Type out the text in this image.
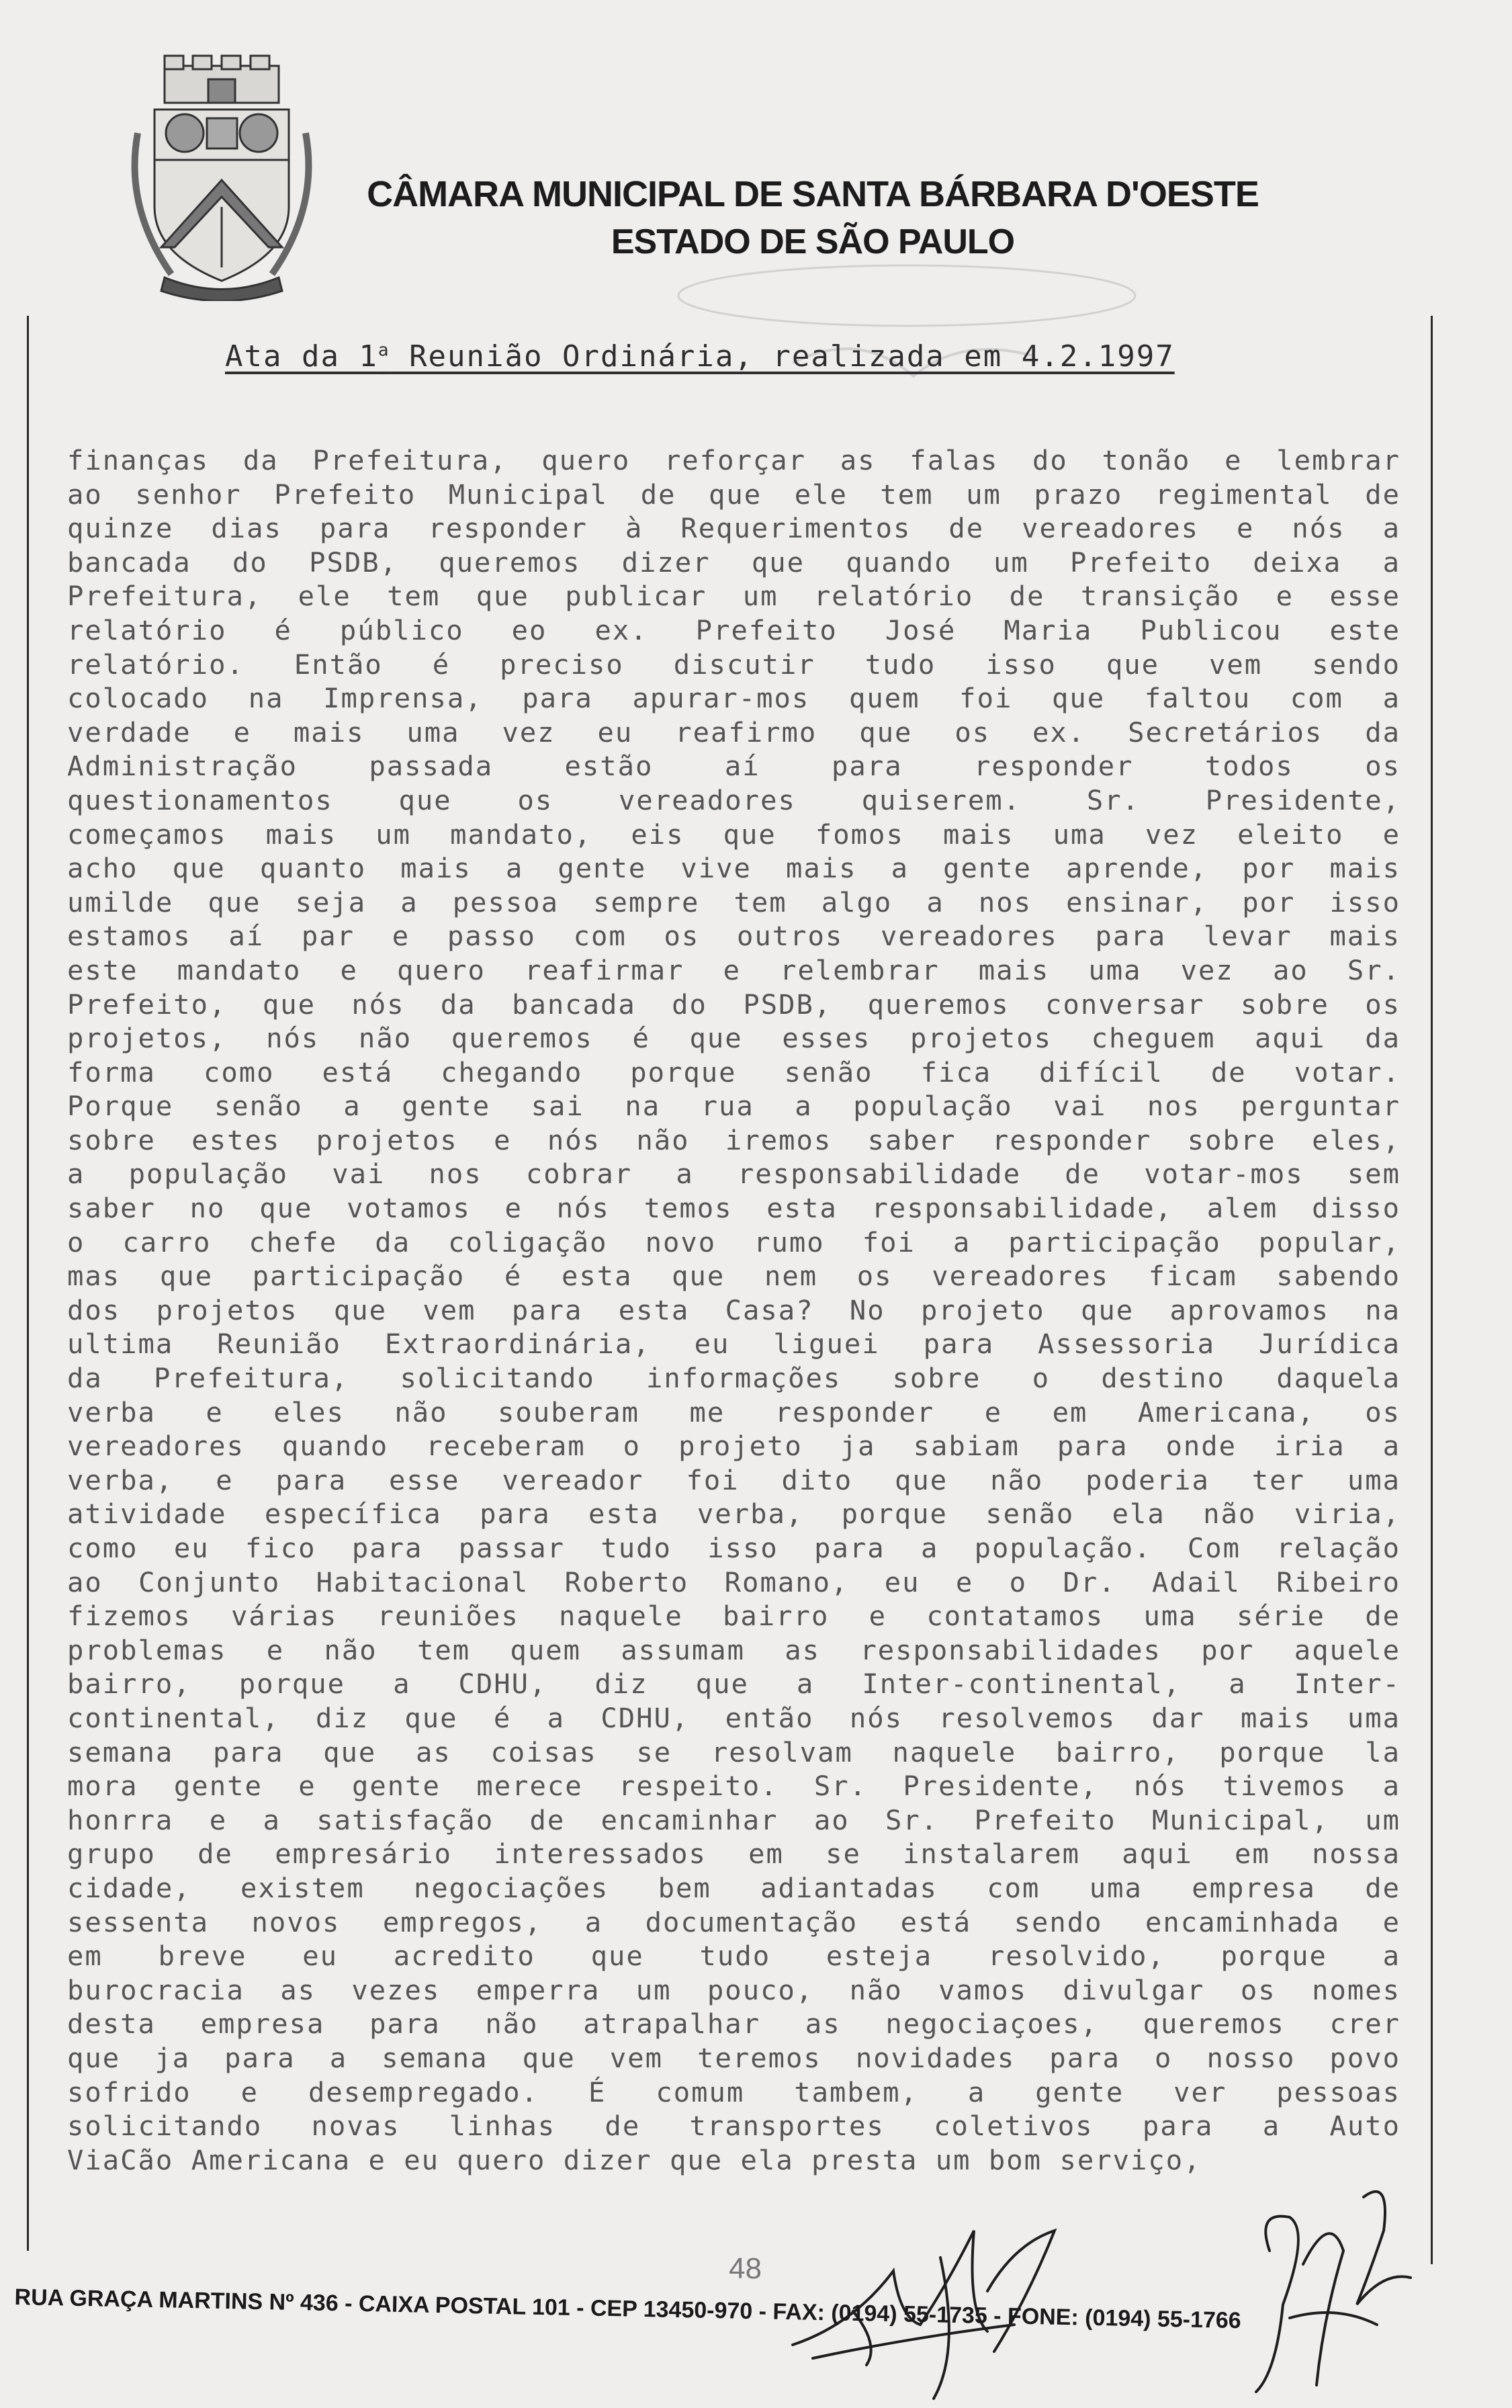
CÂMARA MUNICIPAL DE SANTA BÁRBARA D'OESTE
ESTADO DE SÃO PAULO
Ata da 1$^a$ Reunião Ordinária, realizada em 4.2.1997
finanças da Prefeitura, quero reforçar as falas do tonão e lembrar
ao senhor Prefeito Municipal de que ele tem um prazo regimental de
quinze dias para responder à Requerimentos de vereadores e nós a
bancada do PSDB, queremos dizer que quando um Prefeito deixa a
Prefeitura, ele tem que publicar um relatório de transição e esse
relatório é público eo ex. Prefeito José Maria Publicou este
relatório. Então é preciso discutir tudo isso que vem sendo
colocado na Imprensa, para apurar-mos quem foi que faltou com a
verdade e mais uma vez eu reafirmo que os ex. Secretários da
Administração passada estão aí para responder todos os
questionamentos que os vereadores quiserem. Sr. Presidente,
começamos mais um mandato, eis que fomos mais uma vez eleito e
acho que quanto mais a gente vive mais a gente aprende, por mais
umilde que seja a pessoa sempre tem algo a nos ensinar, por isso
estamos aí par e passo com os outros vereadores para levar mais
este mandato e quero reafirmar e relembrar mais uma vez ao Sr.
Prefeito, que nós da bancada do PSDB, queremos conversar sobre os
projetos, nós não queremos é que esses projetos cheguem aqui da
forma como está chegando porque senão fica difícil de votar.
Porque senão a gente sai na rua a população vai nos perguntar
sobre estes projetos e nós não iremos saber responder sobre eles,
a população vai nos cobrar a responsabilidade de votar-mos sem
saber no que votamos e nós temos esta responsabilidade, alem disso
o carro chefe da coligação novo rumo foi a participação popular,
mas que participação é esta que nem os vereadores ficam sabendo
dos projetos que vem para esta Casa? No projeto que aprovamos na
ultima Reunião Extraordinária, eu liguei para Assessoria Jurídica
da Prefeitura, solicitando informações sobre o destino daquela
verba e eles não souberam me responder e em Americana, os
vereadores quando receberam o projeto ja sabiam para onde iria a
verba, e para esse vereador foi dito que não poderia ter uma
atividade específica para esta verba, porque senão ela não viria,
como eu fico para passar tudo isso para a população. Com relação
ao Conjunto Habitacional Roberto Romano, eu e o Dr. Adail Ribeiro
fizemos várias reuniões naquele bairro e contatamos uma série de
problemas e não tem quem assumam as responsabilidades por aquele
bairro, porque a CDHU, diz que a Inter-continental, a Inter-
continental, diz que é a CDHU, então nós resolvemos dar mais uma
semana para que as coisas se resolvam naquele bairro, porque la
mora gente e gente merece respeito. Sr. Presidente, nós tivemos a
honrra e a satisfação de encaminhar ao Sr. Prefeito Municipal, um
grupo de empresário interessados em se instalarem aqui em nossa
cidade, existem negociações bem adiantadas com uma empresa de
sessenta novos empregos, a documentação está sendo encaminhada e
em breve eu acredito que tudo esteja resolvido, porque a
burocracia as vezes emperra um pouco, não vamos divulgar os nomes
desta empresa para não atrapalhar as negociaçoes, queremos crer
que ja para a semana que vem teremos novidades para o nosso povo
sofrido e desempregado. É comum tambem, a gente ver pessoas
solicitando novas linhas de transportes coletivos para a Auto
ViaCão Americana e eu quero dizer que ela presta um bom serviço,
48
RUA GRAÇA MARTINS Nº 436 - CAIXA POSTAL 101 - CEP 13450-970 - FAX: (0194) 55-1735 - FONE: (0194) 55-1766
